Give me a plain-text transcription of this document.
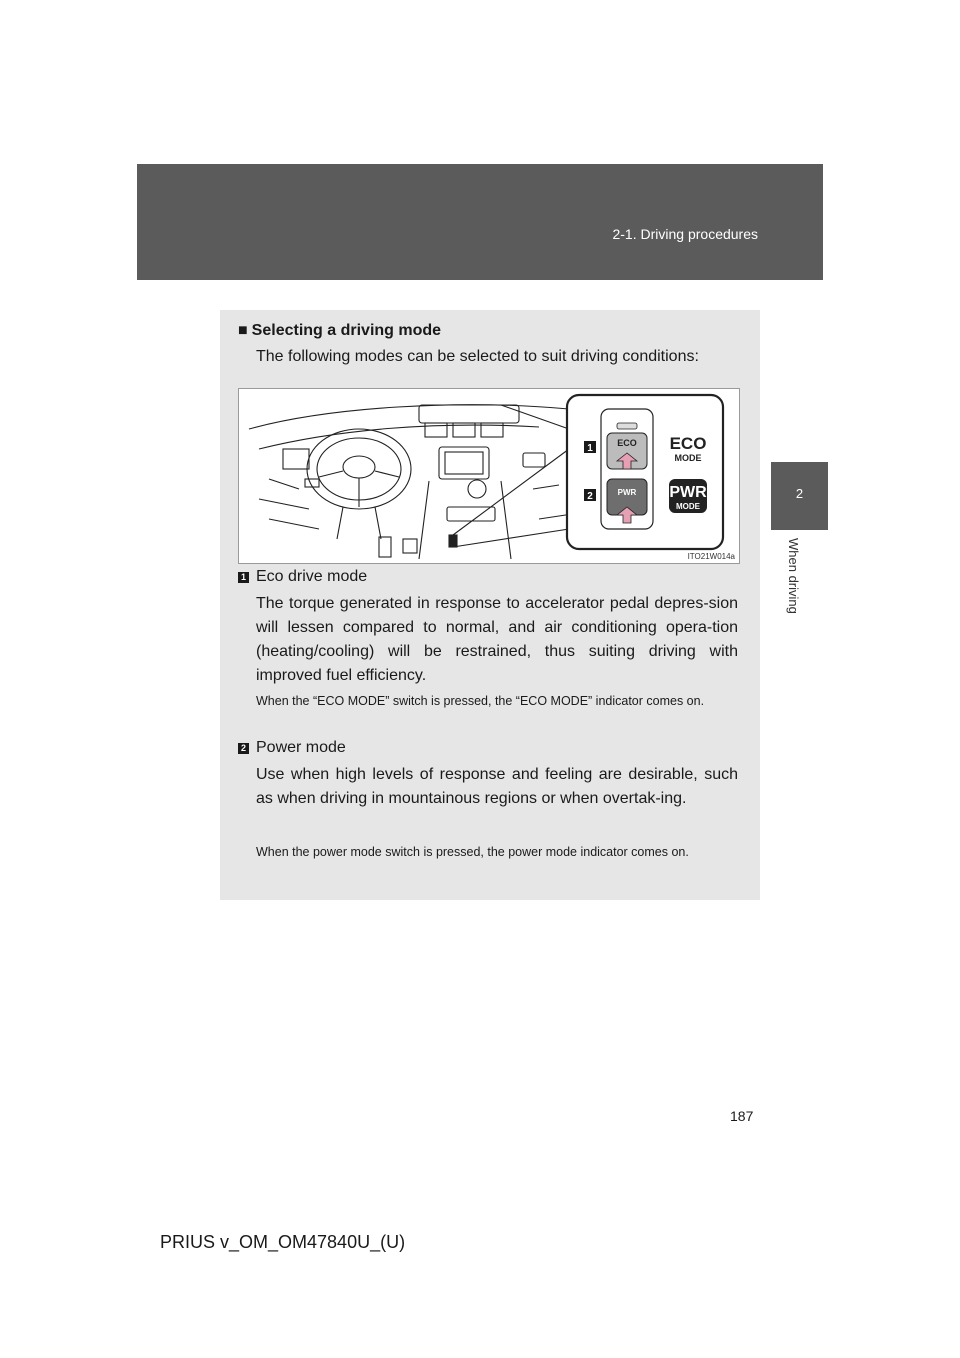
2-1. Driving procedures
2
When driving
■ Selecting a driving mode
The following modes can be selected to suit driving conditions:
1
2
ECO
PWR
ECO
MODE
PWR
MODE
ITO21W014a
1 Eco drive mode
The torque generated in response to accelerator pedal depres-sion will lessen compared to normal, and air conditioning opera-tion (heating/cooling) will be restrained, thus suiting driving with improved fuel efficiency.
When the “ECO MODE” switch is pressed, the “ECO MODE” indicator comes on.
2 Power mode
Use when high levels of response and feeling are desirable, such as when driving in mountainous regions or when overtak-ing.
When the power mode switch is pressed, the power mode indicator comes on.
187
PRIUS v_OM_OM47840U_(U)
